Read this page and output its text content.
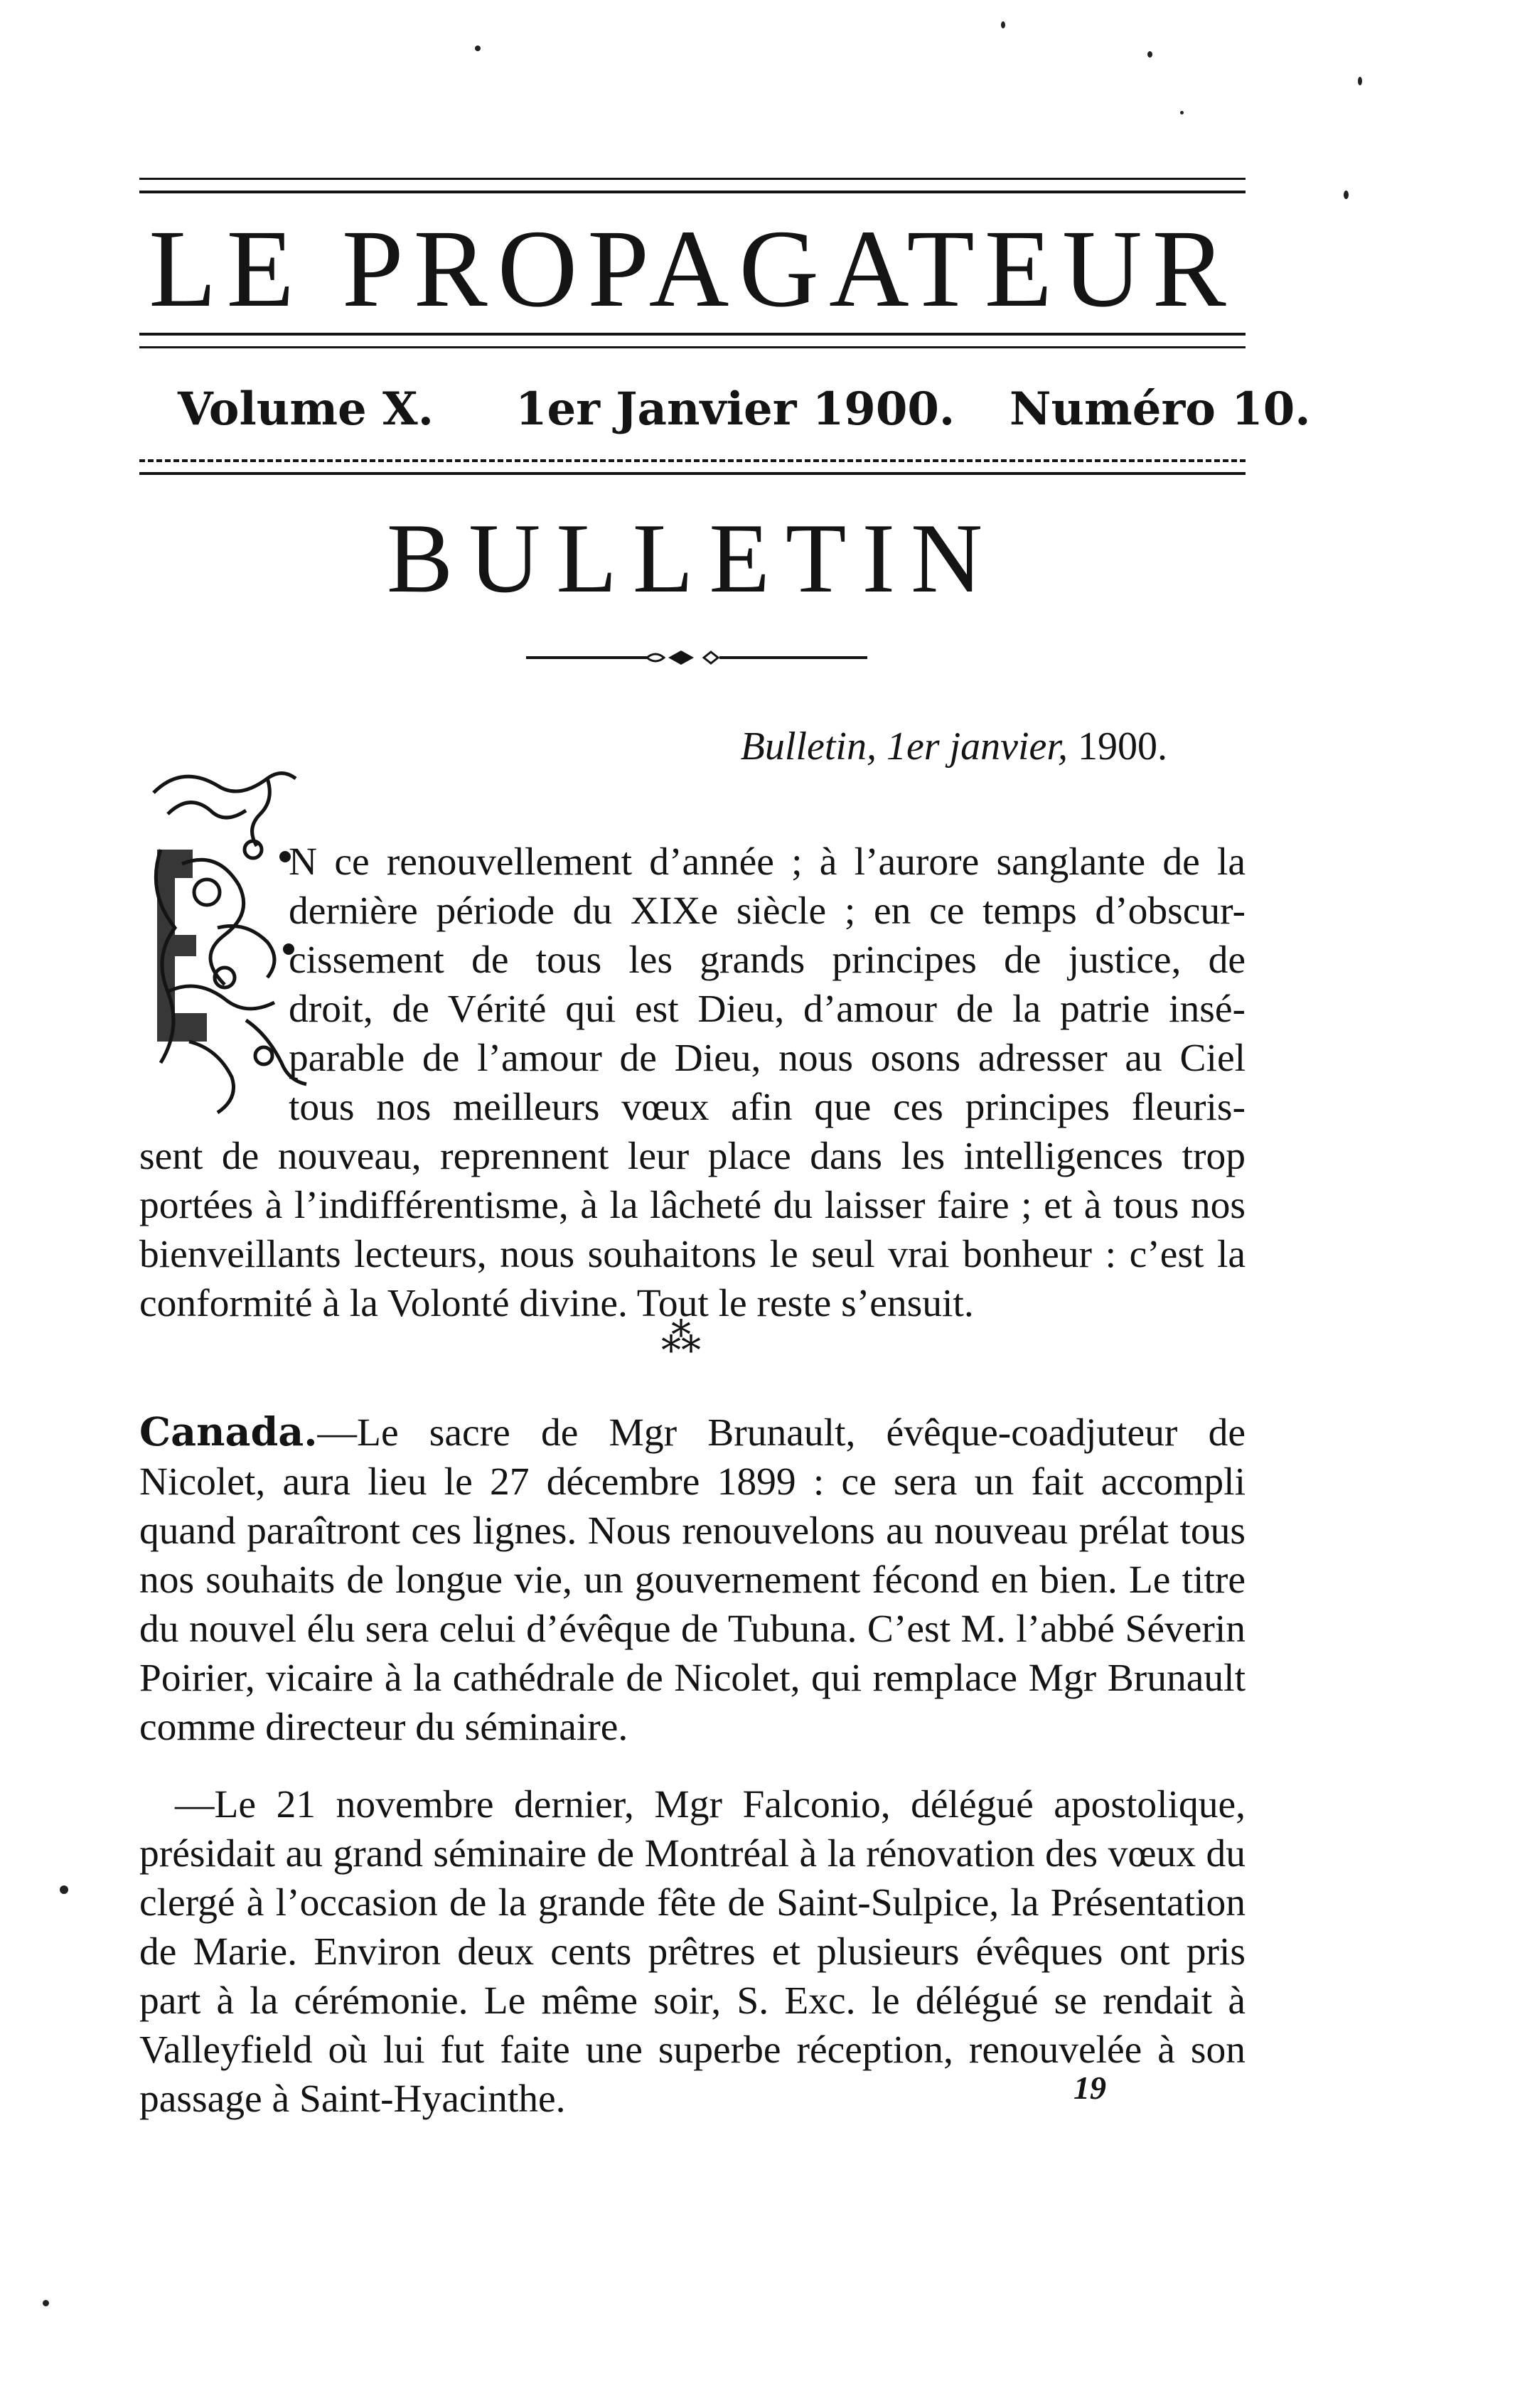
LE PROPAGATEUR
Volume X. 1er Janvier 1900. Numéro 10.
BULLETIN
Bulletin, 1er janvier, 1900.

N ce renouvellement d’année ; à l’aurore sanglante de la
dernière période du XIXe siècle ; en ce temps d’obscur-
cissement de tous les grands principes de justice, de
droit, de Vérité qui est Dieu, d’amour de la patrie insé-
parable de l’amour de Dieu, nous osons adresser au Ciel
tous nos meilleurs vœux afin que ces principes fleuris-

sent de nouveau, reprennent leur place dans les intelligences trop portées à l’indifférentisme, à la lâcheté du laisser faire ; et à tous nos bienveillants lecteurs, nous souhaitons le seul vrai bonheur : c’est la conformité à la Volonté divine. Tout le reste s’ensuit.

⁂

Canada.—Le sacre de Mgr Brunault, évêque-coadjuteur de Nicolet, aura lieu le 27 décembre 1899 : ce sera un fait accompli quand paraîtront ces lignes. Nous renouvelons au nouveau prélat tous nos souhaits de longue vie, un gouvernement fécond en bien. Le titre du nouvel élu sera celui d’évêque de Tubuna. C’est M. l’abbé Séverin Poirier, vicaire à la cathédrale de Nicolet, qui remplace Mgr Brunault comme directeur du séminaire.

—Le 21 novembre dernier, Mgr Falconio, délégué apostolique, présidait au grand séminaire de Montréal à la rénovation des vœux du clergé à l’occasion de la grande fête de Saint-Sulpice, la Présentation de Marie. Environ deux cents prêtres et plusieurs évêques ont pris part à la cérémonie. Le même soir, S. Exc. le délégué se rendait à Valleyfield où lui fut faite une superbe réception, renouvelée à son passage à Saint-Hyacinthe.	19
